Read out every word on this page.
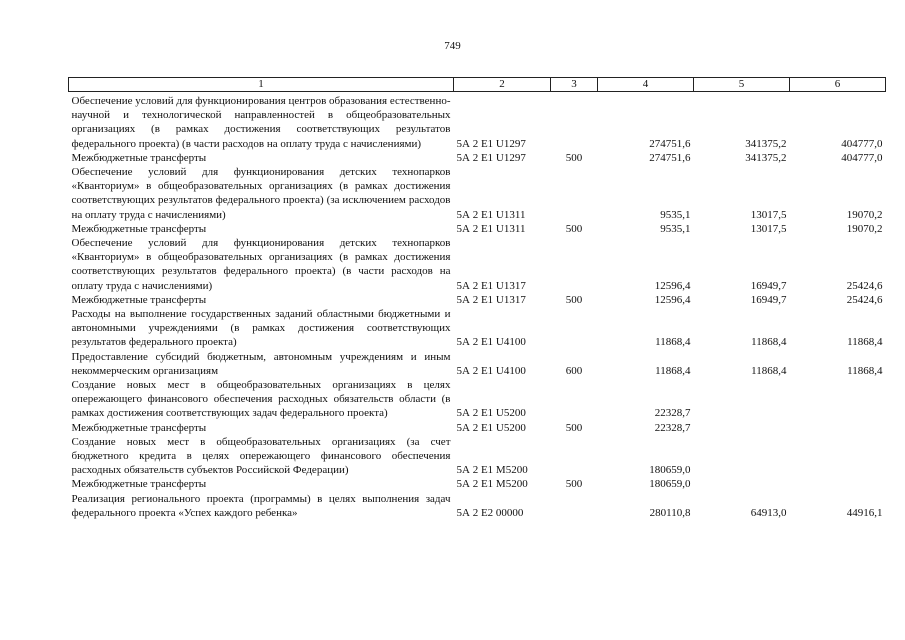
749
1	2	3	4	5	6
Обеспечение условий для функционирования центров образования естественно-научной и технологической направленностей в общеобразовательных организациях (в рамках достижения соответствующих результатов федерального проекта) (в части расходов на оплату труда с начислениями)	5А 2 Е1 U1297		274751,6	341375,2	404777,0
Межбюджетные трансферты	5А 2 Е1 U1297	500	274751,6	341375,2	404777,0
Обеспечение условий для функционирования детских технопарков «Кванториум» в общеобразовательных организациях (в рамках достижения соответствующих результатов федерального проекта) (за исключением расходов на оплату труда с начислениями)	5А 2 Е1 U1311		9535,1	13017,5	19070,2
Межбюджетные трансферты	5А 2 Е1 U1311	500	9535,1	13017,5	19070,2
Обеспечение условий для функционирования детских технопарков «Кванториум» в общеобразовательных организациях (в рамках достижения соответствующих результатов федерального проекта) (в части расходов на оплату труда с начислениями)	5А 2 Е1 U1317		12596,4	16949,7	25424,6
Межбюджетные трансферты	5А 2 Е1 U1317	500	12596,4	16949,7	25424,6
Расходы на выполнение государственных заданий областными бюджетными и автономными учреждениями (в рамках достижения соответствующих результатов федерального проекта)	5А 2 Е1 U4100		11868,4	11868,4	11868,4
Предоставление субсидий бюджетным, автономным учреждениям и иным некоммерческим организациям	5А 2 Е1 U4100	600	11868,4	11868,4	11868,4
Создание новых мест в общеобразовательных организациях в целях опережающего финансового обеспечения расходных обязательств области (в рамках достижения соответствующих задач федерального проекта)	5А 2 Е1 U5200		22328,7		
Межбюджетные трансферты	5А 2 Е1 U5200	500	22328,7		
Создание новых мест в общеобразовательных организациях (за счет бюджетного кредита в целях опережающего финансового обеспечения расходных обязательств субъектов Российской Федерации)	5А 2 Е1 M5200		180659,0		
Межбюджетные трансферты	5А 2 Е1 M5200	500	180659,0		
Реализация регионального проекта (программы) в целях выполнения задач федерального проекта «Успех каждого ребенка»	5А 2 Е2 00000		280110,8	64913,0	44916,1
